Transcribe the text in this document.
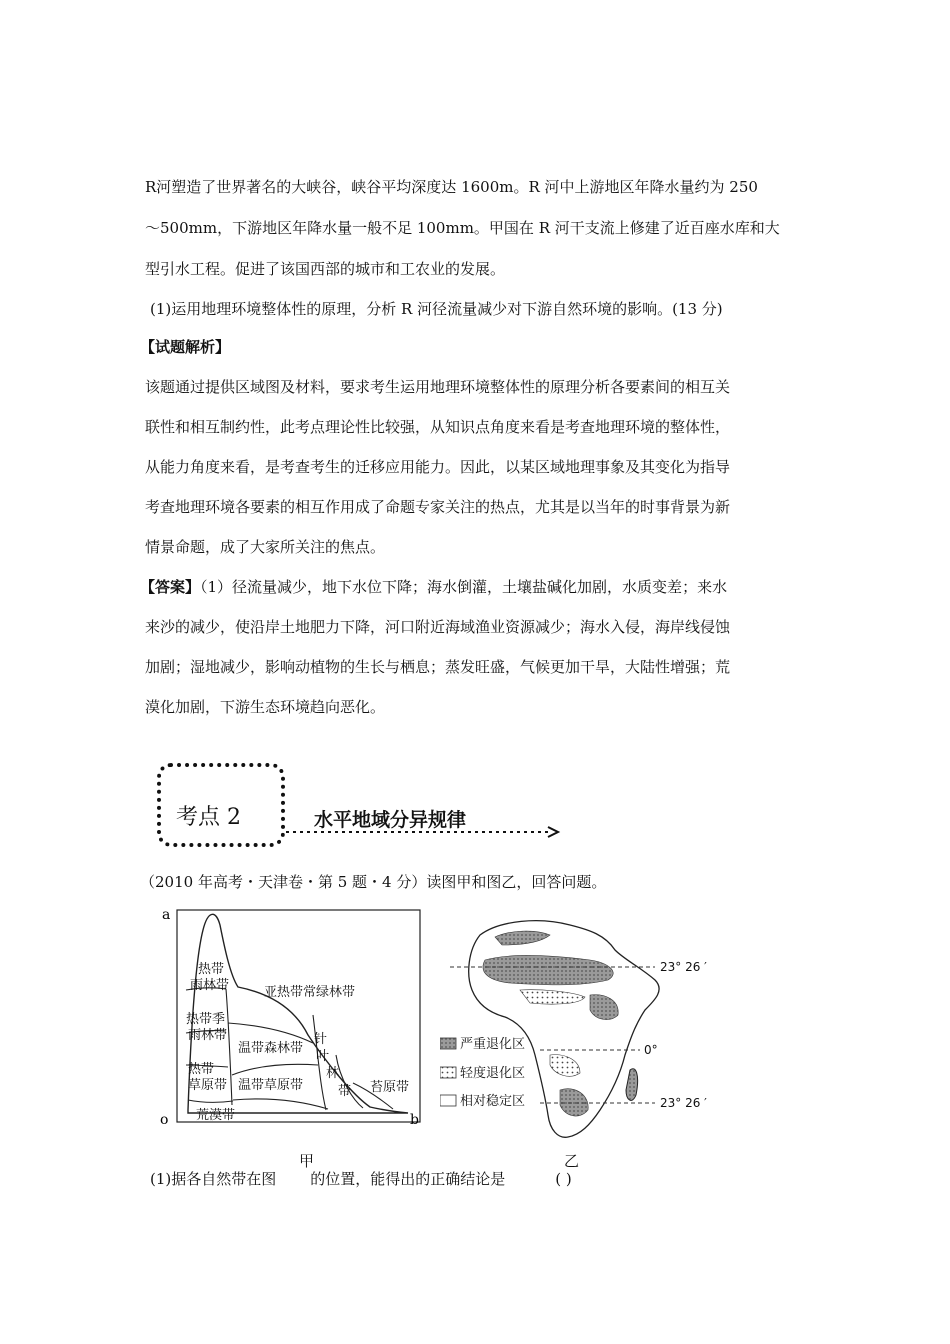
R河塑造了世界著名的大峡谷，峡谷平均深度达 1600m。R 河中上游地区年降水量约为 250
～500mm，下游地区年降水量一般不足 100mm。甲国在 R 河干支流上修建了近百座水库和大
型引水工程。促进了该国西部的城市和工农业的发展。
(1)运用地理环境整体性的原理，分析 R 河径流量减少对下游自然环境的影响。(13 分)
【试题解析】
该题通过提供区域图及材料，要求考生运用地理环境整体性的原理分析各要素间的相互关
联性和相互制约性，此考点理论性比较强，从知识点角度来看是考查地理环境的整体性，
从能力角度来看，是考查考生的迁移应用能力。因此，以某区域地理事象及其变化为指导
考查地理环境各要素的相互作用成了命题专家关注的热点，尤其是以当年的时事背景为新
情景命题，成了大家所关注的焦点。
【答案】（1）径流量减少，地下水位下降；海水倒灌，土壤盐碱化加剧，水质变差；来水
来沙的减少，使沿岸土地肥力下降，河口附近海域渔业资源减少；海水入侵，海岸线侵蚀
加剧；湿地减少，影响动植物的生长与栖息；蒸发旺盛，气候更加干旱，大陆性增强；荒
漠化加剧，下游生态环境趋向恶化。
考点 2	水平地域分异规律
（2010 年高考・天津卷・第 5 题・4 分）读图甲和图乙，回答问题。
a
o	b
热带
雨林带	亚热带常绿林带
热带季
雨林带
温带森林带
针
叶
林
带
热带
草原带 温带草原带	苔原带
荒漠带
23° 26 ′
0°
23° 26 ′
严重退化区
轻度退化区
相对稳定区
甲	乙
(1)据各自然带在图 的位置，能得出的正确结论是	( )
